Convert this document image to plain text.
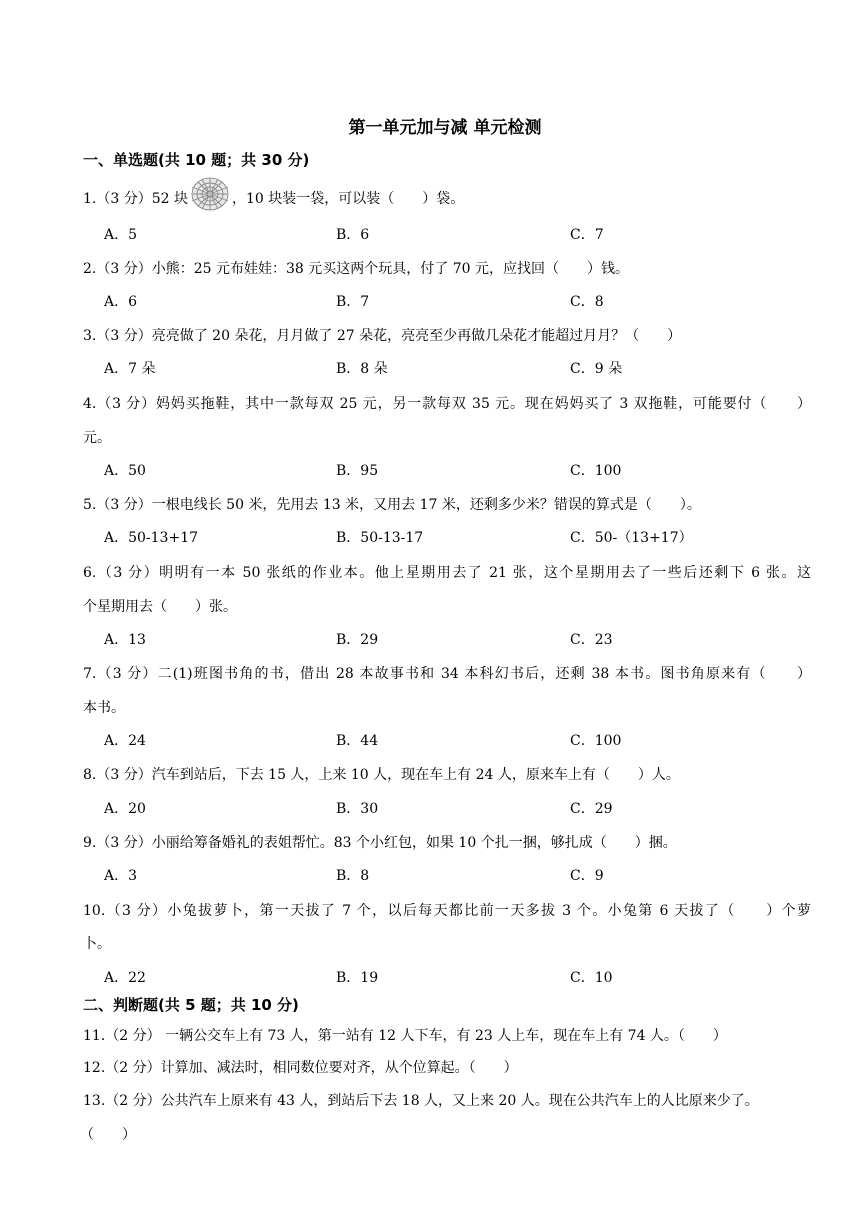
第一单元加与减 单元检测
一、单选题(共 10 题；共 30 分)
1.（3 分）52 块	，10 块装一袋，可以装（　　）袋。
A．5	B．6	C．7
2.（3 分）小熊：25 元布娃娃：38 元买这两个玩具，付了 70 元，应找回（　　）钱。
A．6	B．7	C．8
3.（3 分）亮亮做了 20 朵花，月月做了 27 朵花，亮亮至少再做几朵花才能超过月月？（　　）
A．7 朵	B．8 朵	C．9 朵
4.（3 分）妈妈买拖鞋，其中一款每双 25 元，另一款每双 35 元。现在妈妈买了 3 双拖鞋，可能要付（　　）
元。
A．50	B．95	C．100
5.（3 分）一根电线长 50 米，先用去 13 米，又用去 17 米，还剩多少米？错误的算式是（　　）。
A．50-13+17	B．50-13-17	C．50-（13+17）
6.（3 分）明明有一本 50 张纸的作业本。他上星期用去了 21 张，这个星期用去了一些后还剩下 6 张。这
个星期用去（　　）张。
A．13	B．29	C．23
7.（3 分）二(1)班图书角的书，借出 28 本故事书和 34 本科幻书后，还剩 38 本书。图书角原来有（　　）
本书。
A．24	B．44	C．100
8.（3 分）汽车到站后，下去 15 人，上来 10 人，现在车上有 24 人，原来车上有（　　）人。
A．20	B．30	C．29
9.（3 分）小丽给筹备婚礼的表姐帮忙。83 个小红包，如果 10 个扎一捆，够扎成（　　）捆。
A．3	B．8	C．9
10.（3 分）小兔拔萝卜，第一天拔了 7 个，以后每天都比前一天多拔 3 个。小兔第 6 天拔了（　　）个萝
卜。
A．22	B．19	C．10
二、判断题(共 5 题；共 10 分)
11.（2 分） 一辆公交车上有 73 人，第一站有 12 人下车，有 23 人上车，现在车上有 74 人。（　　）
12.（2 分）计算加、减法时，相同数位要对齐，从个位算起。（　　）
13.（2 分）公共汽车上原来有 43 人，到站后下去 18 人，又上来 20 人。现在公共汽车上的人比原来少了。
（　　）
